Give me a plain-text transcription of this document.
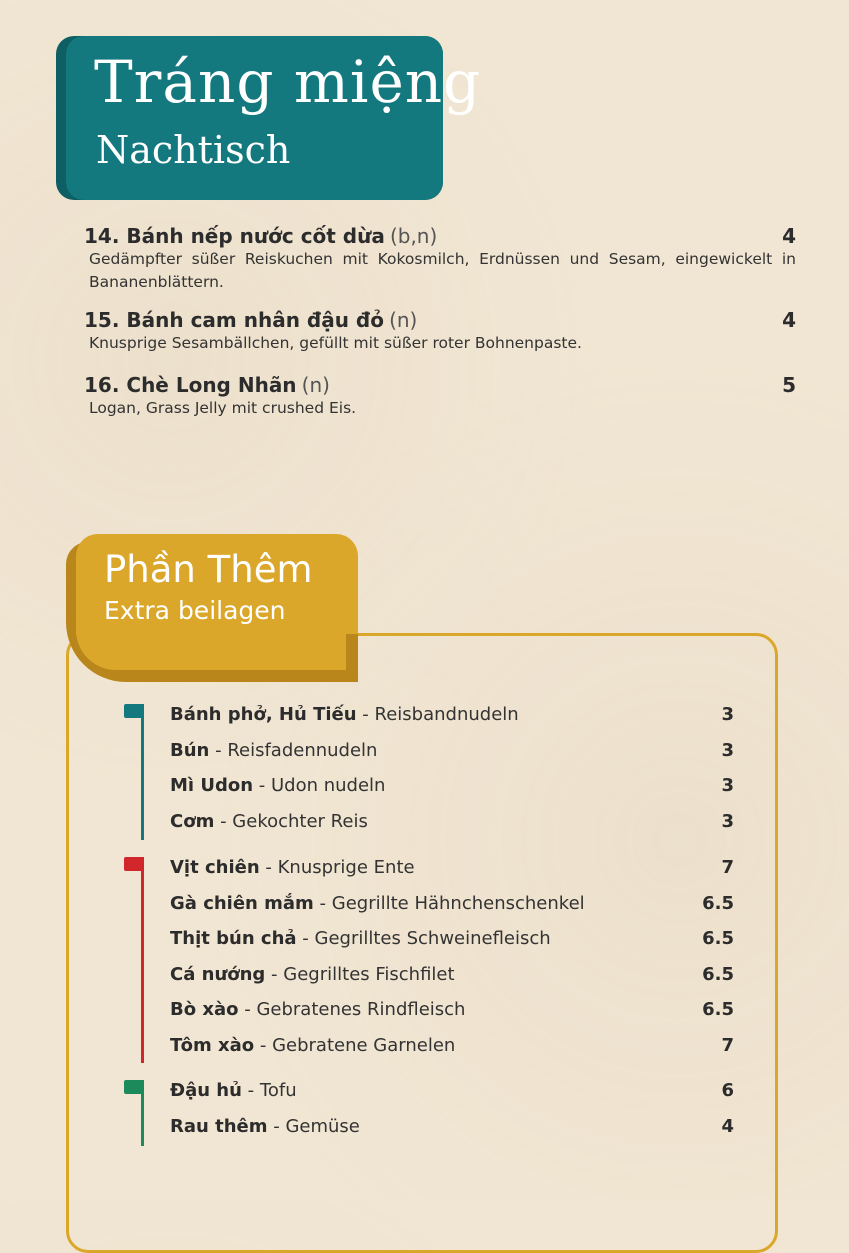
Tráng miệng
Nachtisch
14. Bánh nếp nước cốt dừa (b,n)	4
Gedämpfter süßer Reiskuchen mit Kokosmilch, Erdnüssen und Sesam, eingewickelt in Bananenblättern.
15. Bánh cam nhân đậu đỏ (n)	4
Knusprige Sesambällchen, gefüllt mit süßer roter Bohnenpaste.
16. Chè Long Nhãn (n)	5
Logan, Grass Jelly mit crushed Eis.
Phần Thêm
Extra beilagen
Bánh phở, Hủ Tiếu - Reisbandnudeln	3
Bún - Reisfadennudeln	3
Mì Udon - Udon nudeln	3
Cơm - Gekochter Reis	3
Vịt chiên - Knusprige Ente	7
Gà chiên mắm - Gegrillte Hähnchenschenkel	6.5
Thịt bún chả - Gegrilltes Schweinefleisch	6.5
Cá nướng - Gegrilltes Fischfilet	6.5
Bò xào - Gebratenes Rindfleisch	6.5
Tôm xào - Gebratene Garnelen	7
Đậu hủ - Tofu	6
Rau thêm - Gemüse	4
